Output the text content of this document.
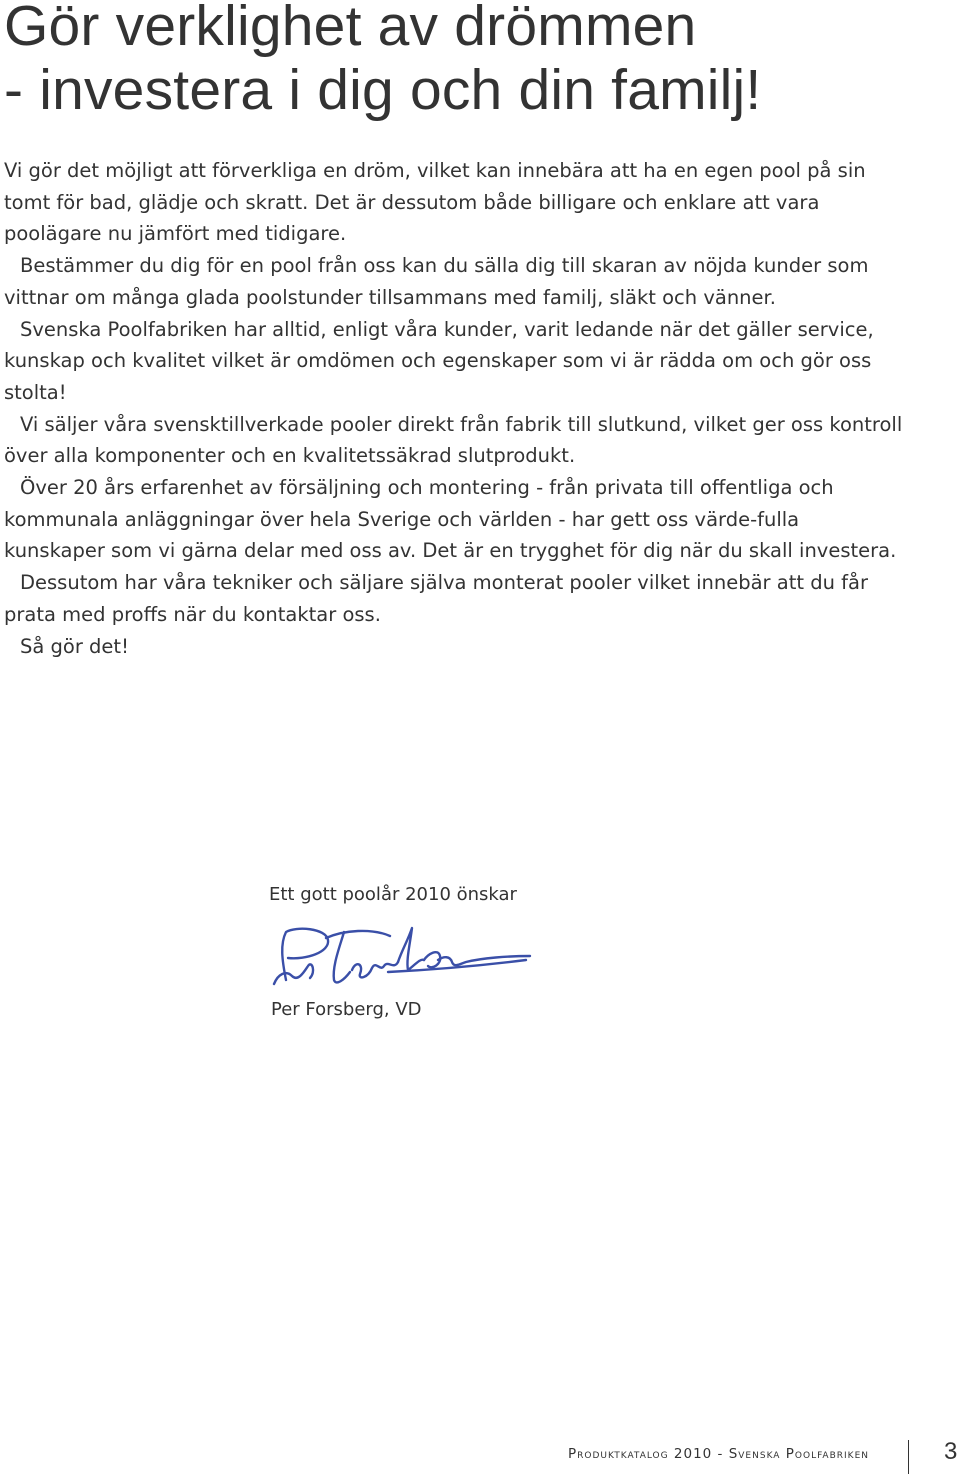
Gör verklighet av drömmen
- investera i dig och din familj!

Vi gör det möjligt att förverkliga en dröm, vilket kan innebära att ha en egen pool på sin tomt för bad, glädje och skratt. Det är dessutom både billigare och enklare att vara poolägare nu jämfört med tidigare.

Bestämmer du dig för en pool från oss kan du sälla dig till skaran av nöjda kunder som vittnar om många glada poolstunder tillsammans med familj, släkt och vänner.

Svenska Poolfabriken har alltid, enligt våra kunder, varit ledande när det gäller service, kunskap och kvalitet vilket är omdömen och egenskaper som vi är rädda om och gör oss stolta!

Vi säljer våra svensktillverkade pooler direkt från fabrik till slutkund, vilket ger oss kontroll över alla komponenter och en kvalitetssäkrad slutprodukt.

Över 20 års erfarenhet av försäljning och montering - från privata till offentliga och kommunala anläggningar över hela Sverige och världen - har gett oss värde-fulla kunskaper som vi gärna delar med oss av. Det är en trygghet för dig när du skall investera.

Dessutom har våra tekniker och säljare själva monterat pooler vilket innebär att du får prata med proffs när du kontaktar oss.

Så gör det!

Ett gott poolår 2010 önskar
Per Forsberg, VD
Produktkatalog 2010 - Svenska Poolfabriken	3
